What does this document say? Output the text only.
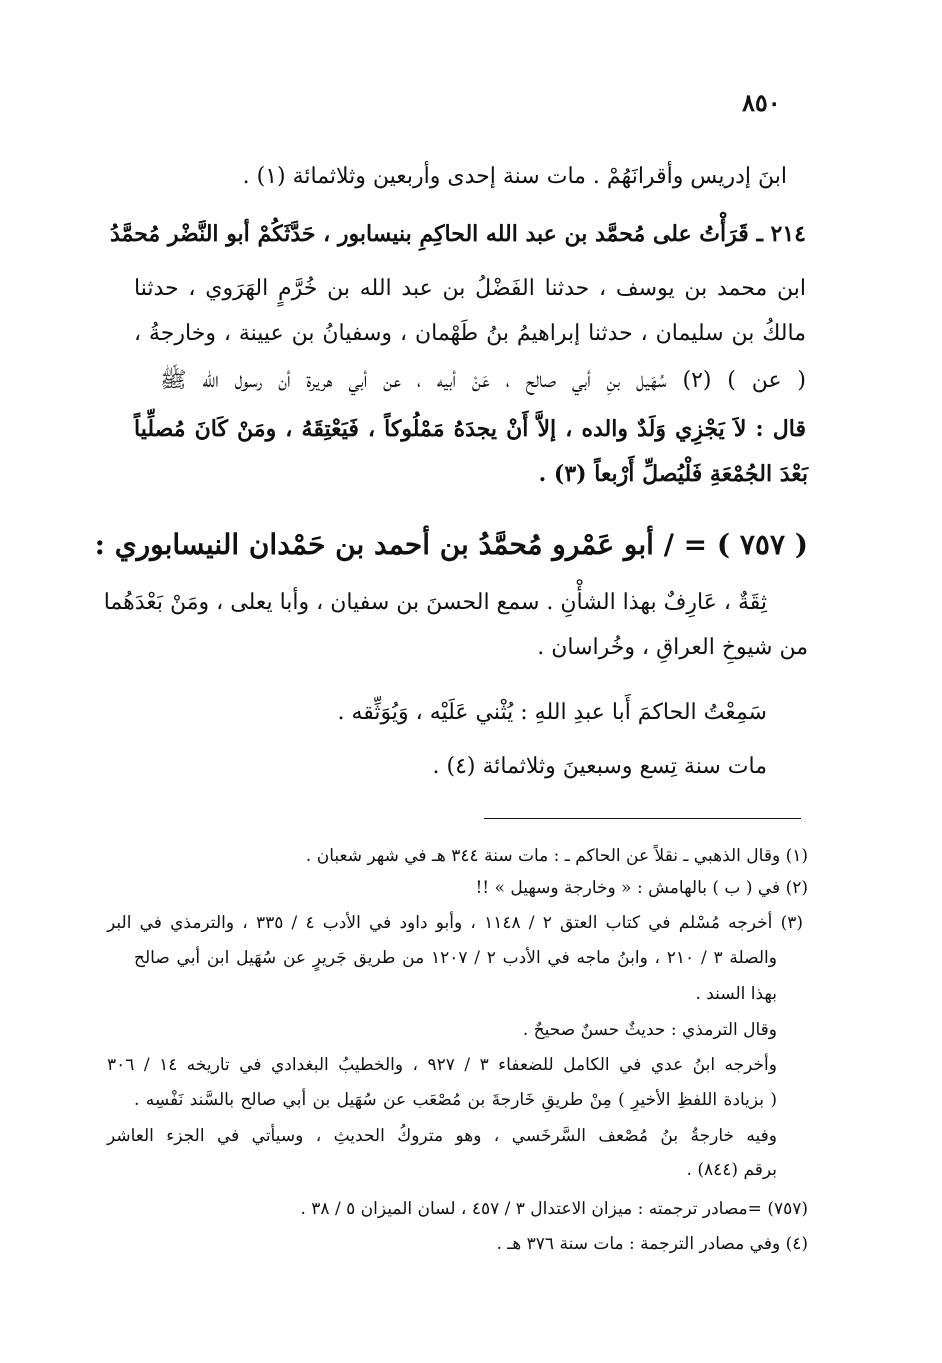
٨٥٠
ابنَ إدريس وأقرانَهُمْ . مات سنة إحدى وأربعين وثلاثمائة (١) .
٢١٤ ـ قَرَأْتُ على مُحمَّد بن عبد الله الحاكِمِ بنيسابور ، حَدَّثَكُمْ أبو النَّضْر مُحمَّدُ
ابن محمد بن يوسف ، حدثنا الفَضْلُ بن عبد الله بن خُرَّمٍ الهَرَوي ، حدثنا
مالكُ بن سليمان ، حدثنا إبراهيمُ بنُ طَهْمان ، وسفيانُ بن عيينة ، وخارجةُ ،
( عن ) (٢) سُهَيل بنِ أبي صالح ، عَنْ أبيه ، عن أبي هريرة أن رسول الله ﷺ
قال : لاَ يَجْزِي وَلَدٌ والده ، إلاَّ أَنْ يجدَهُ مَمْلُوكاً ، فَيَعْتِقَهُ ، ومَنْ كَانَ مُصلِّياً
بَعْدَ الجُمْعَةِ فَلْيُصلِّ أَرْبعاً (٣) .
( ٧٥٧ ) = / أبو عَمْرو مُحمَّدُ بن أحمد بن حَمْدان النيسابوري :
ثِقَةٌ ، عَارِفٌ بهذا الشأْنِ . سمع الحسنَ بن سفيان ، وأبا يعلى ، ومَنْ بَعْدَهُما
من شيوخِ العراقِ ، وخُراسان .
سَمِعْتُ الحاكمَ أَبا عبدِ اللهِ : يُثْني عَلَيْه ، وَيُوَثِّقه .
مات سنة تِسع وسبعينَ وثلاثمائة (٤) .
(١) وقال الذهبي ـ نقلاً عن الحاكم ـ : مات سنة ٣٤٤ هـ في شهر شعبان .
(٢) في ( ب ) بالهامش : « وخارجة وسهيل » !!
(٣) أخرجه مُسْلم في كتاب العتق ٢ / ١١٤٨ ، وأبو داود في الأدب ٤ / ٣٣٥ ، والترمذي في البر
والصلة ٣ / ٢١٠ ، وابنُ ماجه في الأدب ٢ / ١٢٠٧ من طريق جَريرٍ عن سُهَيل ابن أبي صالح
بهذا السند .
وقال الترمذي : حديثٌ حسنٌ صحيحٌ .
وأخرجه ابنُ عدي في الكامل للضعفاء ٣ / ٩٢٧ ، والخطيبُ البغدادي في تاريخه ١٤ / ٣٠٦
( بزيادة اللفظِ الأخيرِ ) مِنْ طريقِ خَارجةَ بن مُصْعَب عن سُهَيل بن أبي صالح بالسَّند نَفْسِه .
وفيه خارجةُ بنُ مُصْعف السَّرخَسي ، وهو متروكُ الحديثِ ، وسيأتي في الجزء العاشر
برقم (٨٤٤) .
(٧٥٧) =مصادر ترجمته : ميزان الاعتدال ٣ / ٤٥٧ ، لسان الميزان ٥ / ٣٨ .
(٤) وفي مصادر الترجمة : مات سنة ٣٧٦ هـ .
